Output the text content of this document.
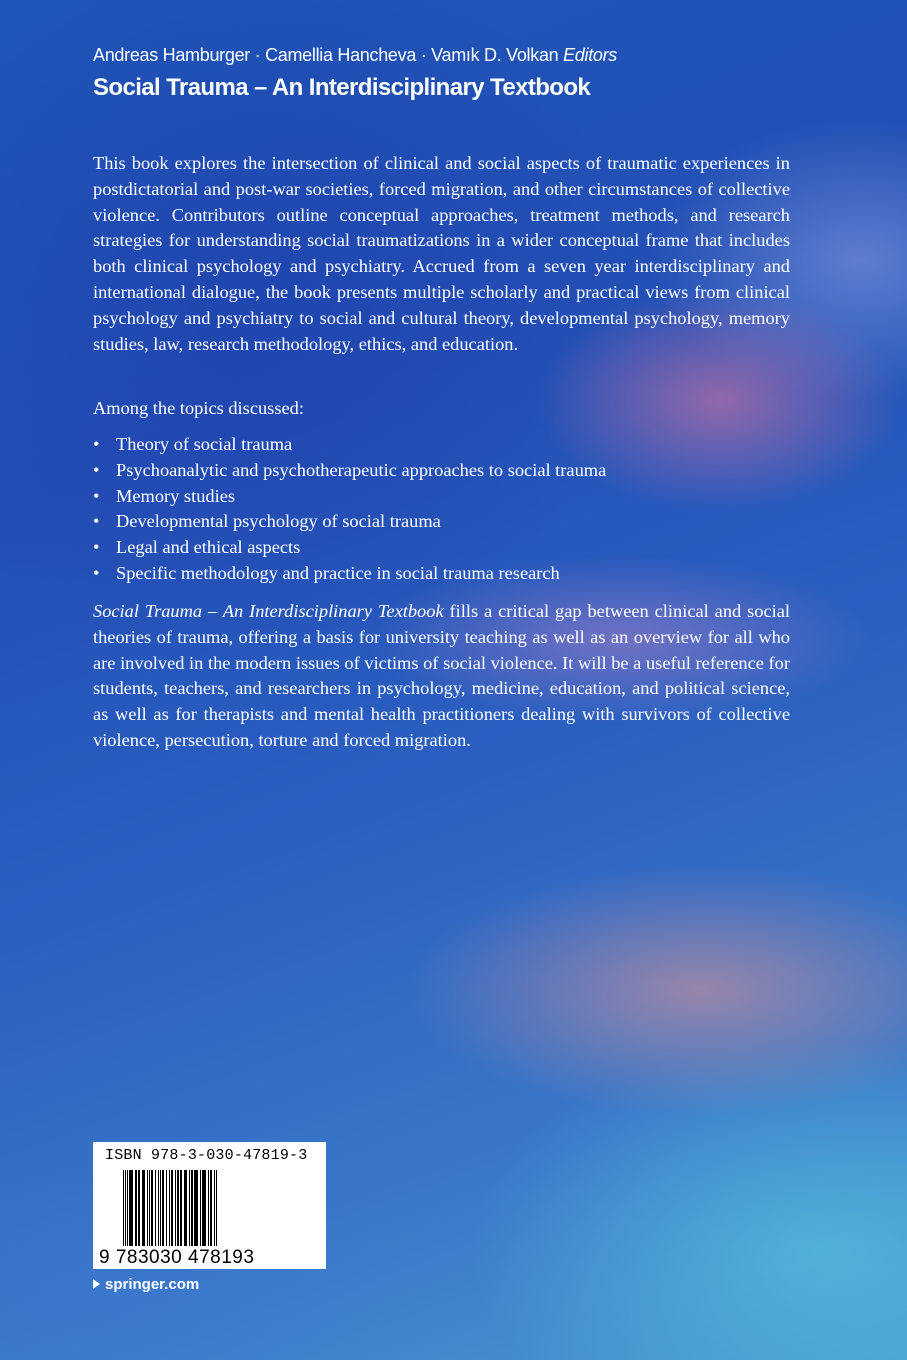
Andreas Hamburger · Camellia Hancheva · Vamık D. Volkan Editors
Social Trauma – An Interdisciplinary Textbook
This book explores the intersection of clinical and social aspects of traumatic experiences in postdictatorial and post-war societies, forced migration, and other circumstances of collective violence. Contributors outline conceptual approaches, treatment methods, and research strategies for understanding social traumatizations in a wider conceptual frame that includes both clinical psychology and psychiatry. Accrued from a seven year interdisciplinary and international dialogue, the book presents multiple scholarly and practical views from clinical psychology and psychiatry to social and cultural theory, developmental psychology, memory studies, law, research methodology, ethics, and education.
Among the topics discussed:
• Theory of social trauma
• Psychoanalytic and psychotherapeutic approaches to social trauma
• Memory studies
• Developmental psychology of social trauma
• Legal and ethical aspects
• Specific methodology and practice in social trauma research
Social Trauma – An Interdisciplinary Textbook fills a critical gap between clinical and social theories of trauma, offering a basis for university teaching as well as an overview for all who are involved in the modern issues of victims of social violence. It will be a useful reference for students, teachers, and researchers in psychology, medicine, education, and political science, as well as for therapists and mental health practitioners dealing with survivors of collective violence, persecution, torture and forced migration.
ISBN 978-3-030-47819-3
9 783030 478193
springer.com
